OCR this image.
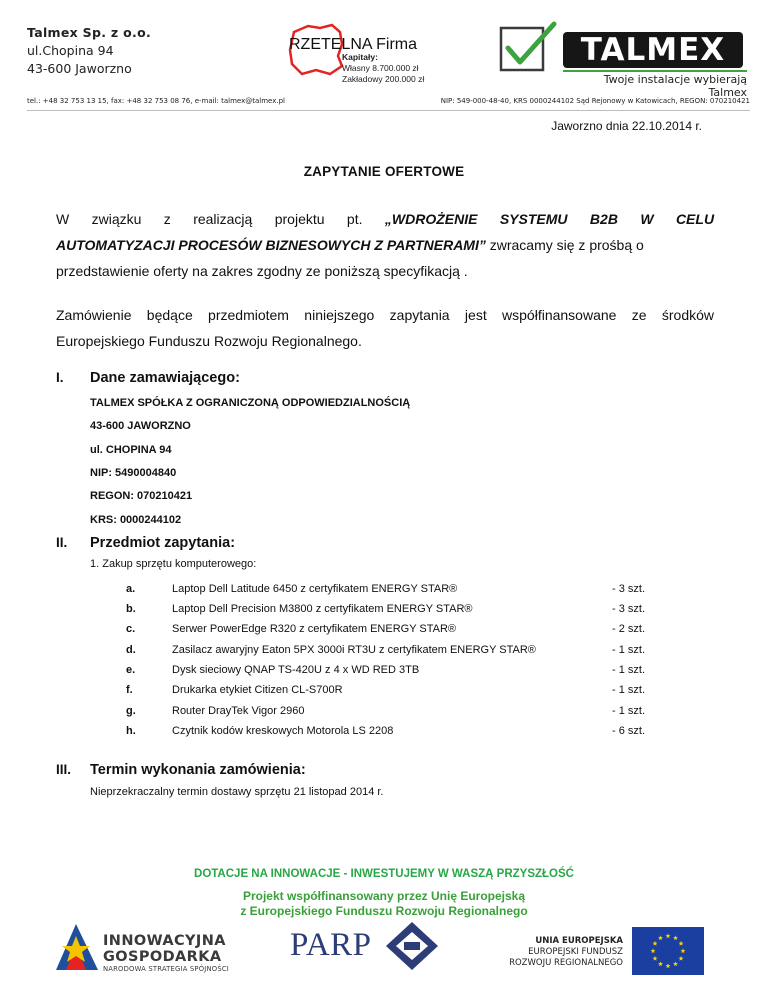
Talmex Sp. z o.o.
ul.Chopina 94
43-600 Jaworzno
RZETELNA Firma
Kapitały:
Własny 8.700.000 zł
Zakładowy 200.000 zł
TALMEX
Twoje instalacje wybierają Talmex
tel.: +48 32 753 13 15, fax: +48 32 753 08 76, e-mail: talmex@talmex.pl	NIP: 549-000-48-40, KRS 0000244102 Sąd Rejonowy w Katowicach, REGON: 070210421
Jaworzno dnia 22.10.2014 r.
ZAPYTANIE OFERTOWE
W związku z realizacją projektu pt. „WDROŻENIE SYSTEMU B2B W CELU
AUTOMATYZACJI PROCESÓW BIZNESOWYCH Z PARTNERAMI” zwracamy się z prośbą o
przedstawienie oferty na zakres zgodny ze poniższą specyfikacją .
Zamówienie będące przedmiotem niniejszego zapytania jest współfinansowane ze środków
Europejskiego Funduszu Rozwoju Regionalnego.
I. Dane zamawiającego:
TALMEX SPÓŁKA Z OGRANICZONĄ ODPOWIEDZIALNOŚCIĄ
43-600 JAWORZNO
ul. CHOPINA 94
NIP: 5490004840
REGON: 070210421
KRS: 0000244102
II. Przedmiot zapytania:
1. Zakup sprzętu komputerowego:
a.	Laptop Dell Latitude 6450 z certyfikatem ENERGY STAR®	- 3 szt.
b.	Laptop Dell Precision M3800 z certyfikatem ENERGY STAR®	- 3 szt.
c.	Serwer PowerEdge R320 z certyfikatem ENERGY STAR®	- 2 szt.
d.	Zasilacz awaryjny Eaton 5PX 3000i RT3U z certyfikatem ENERGY STAR®	- 1 szt.
e.	Dysk sieciowy QNAP TS-420U z 4 x WD RED 3TB	- 1 szt.
f.	Drukarka etykiet Citizen CL-S700R	- 1 szt.
g.	Router DrayTek Vigor 2960	- 1 szt.
h.	Czytnik kodów kreskowych Motorola LS 2208	- 6 szt.
III. Termin wykonania zamówienia:
Nieprzekraczalny termin dostawy sprzętu 21 listopad 2014 r.
DOTACJE NA INNOWACJE - INWESTUJEMY W WASZĄ PRZYSZŁOŚĆ
Projekt współfinansowany przez Unię Europejską
z Europejskiego Funduszu Rozwoju Regionalnego
INNOWACYJNA
GOSPODARKA
NARODOWA STRATEGIA SPÓJNOŚCI
PARP	UNIA EUROPEJSKA
EUROPEJSKI FUNDUSZ
ROZWOJU REGIONALNEGO
